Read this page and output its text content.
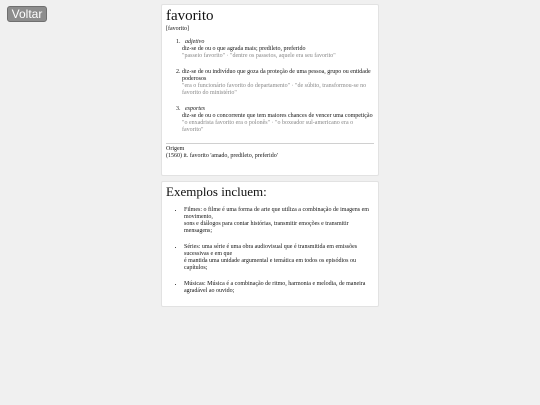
Voltar	favorito

[favorito]

1. adjetivo
diz-se de ou o que agrada mais; predileto, preferido
"passeio favorito" · "dentre os passeios, aquele era seu favorito"
2. diz-se de ou indivíduo que goza da proteção de uma pessoa, grupo ou entidade poderosos
"era o funcionário favorito do departamento" · "de súbito, transformou-se no favorito do ministério"
3. esportes
diz-se de ou o concorrente que tem maiores chances de vencer uma competição
"o enxadrista favorito era o polonês" · "o boxeador sul-americano era o favorito"

Origem

(1560) it. favorito 'amado, predileto, preferido'

Exemplos incluem:
• Filmes: o filme é uma forma de arte que utiliza a combinação de imagens em movimento,
sons e diálogos para contar histórias, transmitir emoções e transmitir mensagens;
• Séries: uma série é uma obra audiovisual que é transmitida em emissões sucessivas e em que
é mantida uma unidade argumental e temática em todos os episódios ou capítulos;
• Músicas: Música é a combinação de ritmo, harmonia e melodia, de maneira agradável ao ouvido;
